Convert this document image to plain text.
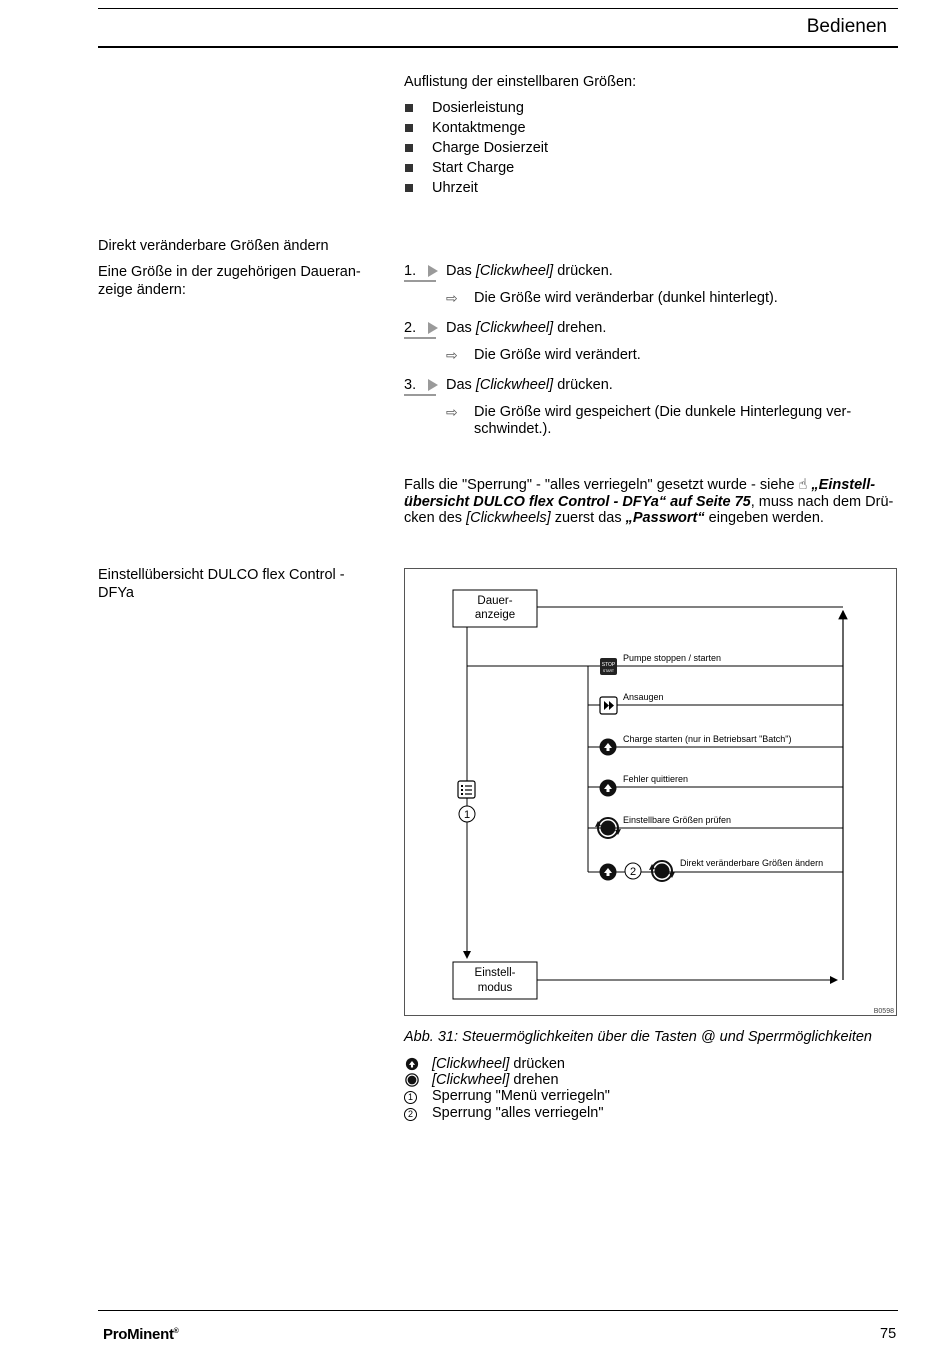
Bedienen
Auflistung der einstellbaren Größen:
Dosierleistung
Kontaktmenge
Charge Dosierzeit
Start Charge
Uhrzeit
Direkt veränderbare Größen ändern
Eine Größe in der zugehörigen Daueran-zeige ändern:
1.	Das [Clickwheel] drücken.
⇨ Die Größe wird veränderbar (dunkel hinterlegt).
2.	Das [Clickwheel] drehen.
⇨ Die Größe wird verändert.
3.	Das [Clickwheel] drücken.
⇨ Die Größe wird gespeichert (Die dunkele Hinterlegung ver-schwindet.).
Falls die "Sperrung" - "alles verriegeln" gesetzt wurde - siehe ☝ „Einstell-übersicht DULCO flex Control - DFYa“ auf Seite 75, muss nach dem Drü-cken des [Clickwheels] zuerst das „Passwort“ eingeben werden.
Einstellübersicht DULCO flex Control - DFYa	Dauer-
anzeige
Einstell-
modus
1
STOP
START
Pumpe stoppen / starten
Ansaugen
Charge starten (nur in Betriebsart "Batch")
Fehler quittieren
Einstellbare Größen prüfen
2
Direkt veränderbare Größen ändern
B0598
Abb. 31: Steuermöglichkeiten über die Tasten @ und Sperrmöglichkeiten
[Clickwheel] drücken
[Clickwheel] drehen
1	Sperrung "Menü verriegeln"
2	Sperrung "alles verriegeln"
ProMinent®	75
